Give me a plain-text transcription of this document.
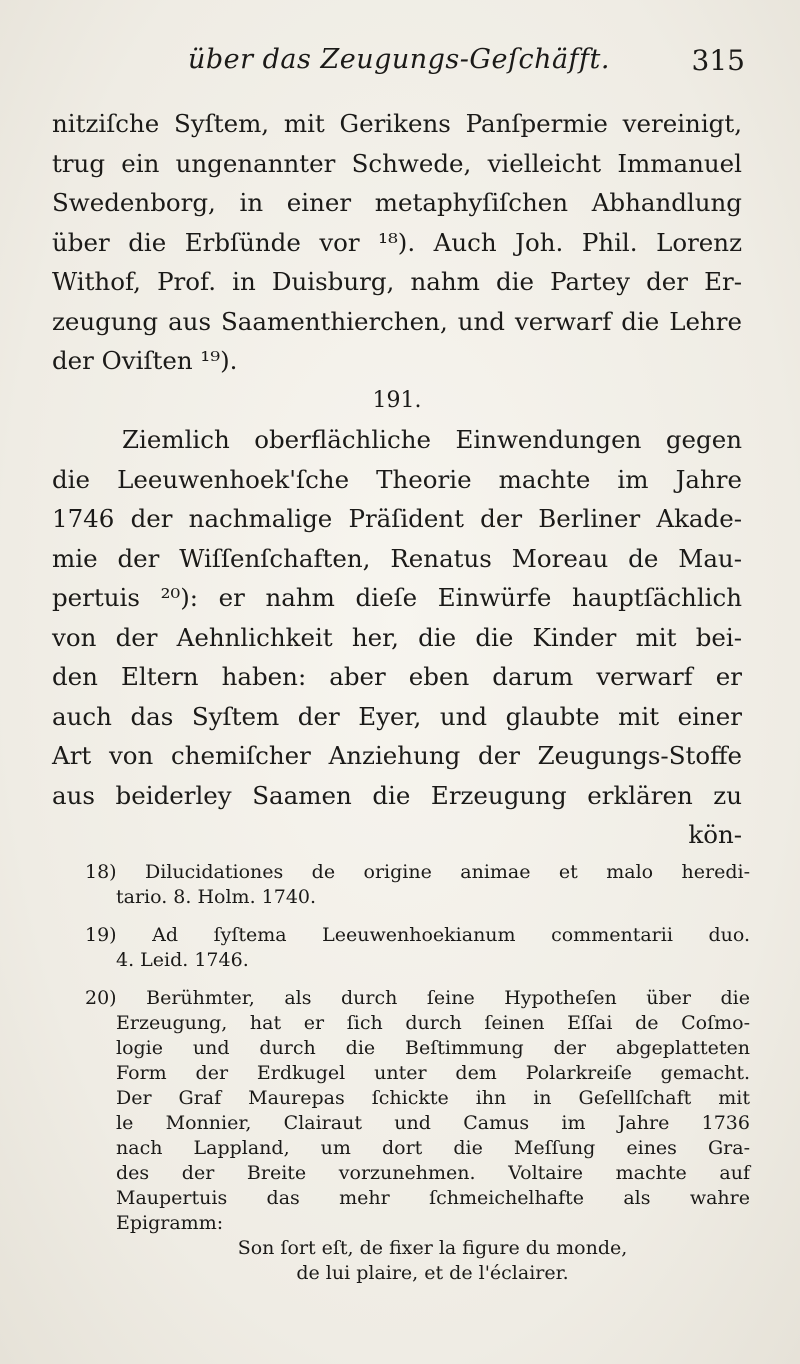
über das Zeugungs-Geſchäfft.	315
nitziſche Syſtem, mit Gerikens Panſpermie vereinigt,
trug ein ungenannter Schwede, vielleicht Immanuel
Swedenborg, in einer metaphyſiſchen Abhandlung
über die Erbſünde vor ¹⁸). Auch Joh. Phil. Lorenz
Withof, Prof. in Duisburg, nahm die Partey der Er-
zeugung aus Saamenthierchen, und verwarf die Lehre
der Oviſten ¹⁹).
191.
Ziemlich oberflächliche Einwendungen gegen
die Leeuwenhoek'ſche Theorie machte im Jahre
1746 der nachmalige Präſident der Berliner Akade-
mie der Wiſſenſchaften, Renatus Moreau de Mau-
pertuis ²⁰): er nahm dieſe Einwürfe hauptſächlich
von der Aehnlichkeit her, die die Kinder mit bei-
den Eltern haben: aber eben darum verwarf er
auch das Syſtem der Eyer, und glaubte mit einer
Art von chemiſcher Anziehung der Zeugungs-Stoffe
aus beiderley Saamen die Erzeugung erklären zu
kön-
18) Dilucidationes de origine animae et malo heredi-
tario. 8. Holm. 1740.
19) Ad ſyſtema Leeuwenhoekianum commentarii duo.
4. Leid. 1746.
20) Berühmter, als durch ſeine Hypotheſen über die
Erzeugung, hat er ſich durch ſeinen Eſſai de Coſmo-
logie und durch die Beſtimmung der abgeplatteten
Form der Erdkugel unter dem Polarkreiſe gemacht.
Der Graf Maurepas ſchickte ihn in Geſellſchaft mit
le Monnier, Clairaut und Camus im Jahre 1736
nach Lappland, um dort die Meſſung eines Gra-
des der Breite vorzunehmen. Voltaire machte auf
Maupertuis das mehr ſchmeichelhafte als wahre
Epigramm:
Son ſort eſt, de fixer la figure du monde,
de lui plaire, et de l'éclairer.
